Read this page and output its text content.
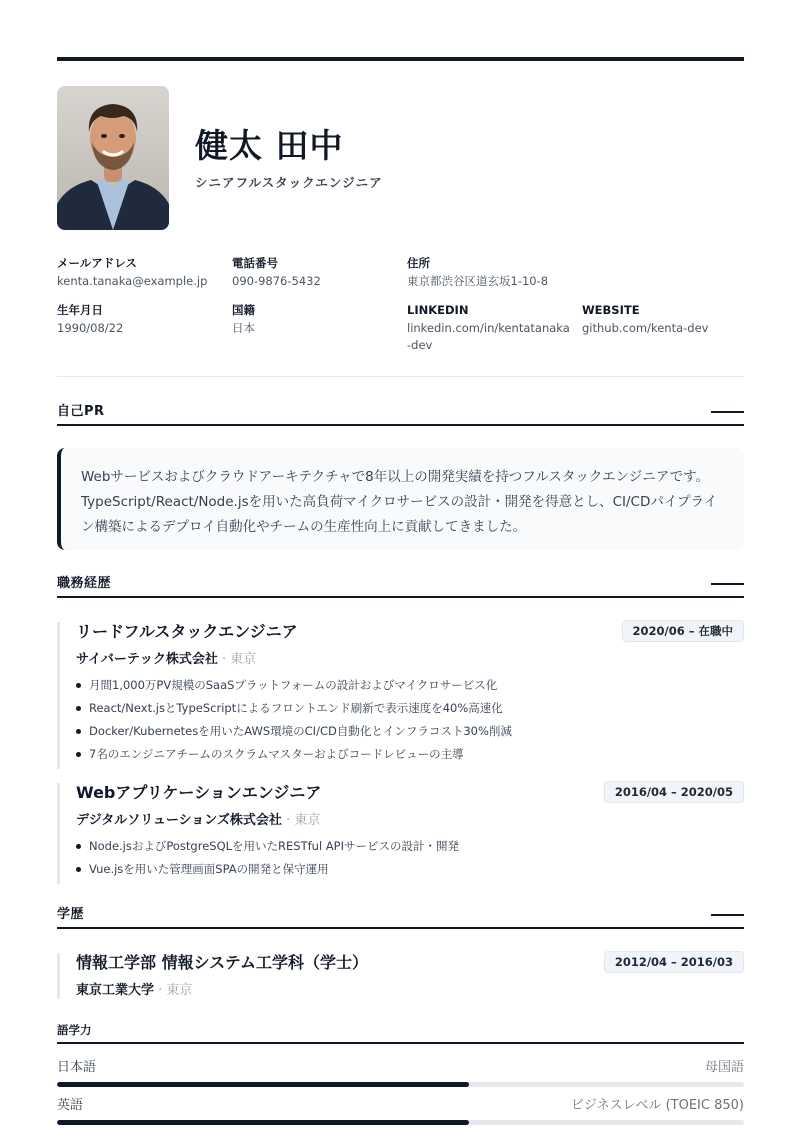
健太 田中
シニアフルスタックエンジニア
メールアドレス
kenta.tanaka@example.jp
電話番号
090-9876-5432
住所
東京都渋谷区道玄坂1-10-8
生年月日
1990/08/22
国籍
日本
LINKEDIN
linkedin.com/in/kentatanaka-dev
WEBSITE
github.com/kenta-dev
自己PR

Webサービスおよびクラウドアーキテクチャで8年以上の開発実績を持つフルスタックエンジニアです。TypeScript/React/Node.jsを用いた高負荷マイクロサービスの設計・開発を得意とし、CI/CDパイプライン構築によるデプロイ自動化やチームの生産性向上に貢献してきました。

職務経歴
リードフルスタックエンジニア	2020/06 – 在職中
サイバーテック株式会社 · 東京
月間1,000万PV規模のSaaSプラットフォームの設計およびマイクロサービス化
React/Next.jsとTypeScriptによるフロントエンド刷新で表示速度を40%高速化
Docker/Kubernetesを用いたAWS環境のCI/CD自動化とインフラコスト30%削減
7名のエンジニアチームのスクラムマスターおよびコードレビューの主導
Webアプリケーションエンジニア	2016/04 – 2020/05
デジタルソリューションズ株式会社 · 東京
Node.jsおよびPostgreSQLを用いたRESTful APIサービスの設計・開発
Vue.jsを用いた管理画面SPAの開発と保守運用
学歴
情報工学部 情報システム工学科（学士）	2012/04 – 2016/03
東京工業大学 · 東京
語学力
日本語	母国語
英語	ビジネスレベル (TOEIC 850)
